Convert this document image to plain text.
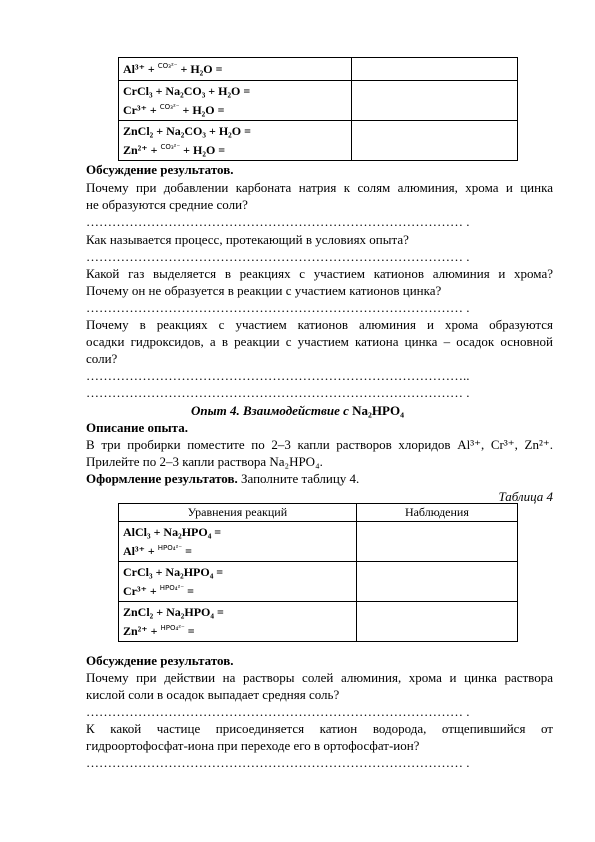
Al³⁺ + $^{CO_3^{2-}}$ + H₂O =	

CrCl₃ + Na₂CO₃ + H₂O =
Cr³⁺ + $^{CO_3^{2-}}$ + H₂O =	

ZnCl₂ + Na₂CO₃ + H₂O =
Zn²⁺ + $^{CO_3^{2-}}$ + H₂O =	

Обсуждение результатов.
Почему при добавлении карбоната натрия к солям алюминия, хрома и цинка
не образуются средние соли?
…………………………………………………………………………… .
Как называется процесс, протекающий в условиях опыта?
…………………………………………………………………………… .
Какой газ выделяется в реакциях с участием катионов алюминия и хрома?
Почему он не образуется в реакции с участием катионов цинка?
…………………………………………………………………………… .
Почему в реакциях с участием катионов алюминия и хрома образуются
осадки гидроксидов, а в реакции с участием катиона цинка – осадок основной
соли?
……………………………………………………………………………..
…………………………………………………………………………… .
Опыт 4. Взаимодействие с Na₂HPO₄
Описание опыта.
В три пробирки поместите по 2–3 капли растворов хлоридов Al³⁺, Cr³⁺, Zn²⁺.
Прилейте по 2–3 капли раствора Na₂HPO₄.
Оформление результатов. Заполните таблицу 4.
Таблица 4
Уравнения реакций	Наблюдения

AlCl₃ + Na₂HPO₄ =
Al³⁺ + $^{HPO_4^{2-}}$ =	

CrCl₃ + Na₂HPO₄ =
Cr³⁺ + $^{HPO_4^{2-}}$ =	

ZnCl₂ + Na₂HPO₄ =
Zn²⁺ + $^{HPO_4^{2-}}$ =	

Обсуждение результатов.
Почему при действии на растворы солей алюминия, хрома и цинка раствора
кислой соли в осадок выпадает средняя соль?
…………………………………………………………………………… .
К какой частице присоединяется катион водорода, отщепившийся от
гидроортофосфат-иона при переходе его в ортофосфат-ион?
…………………………………………………………………………… .
